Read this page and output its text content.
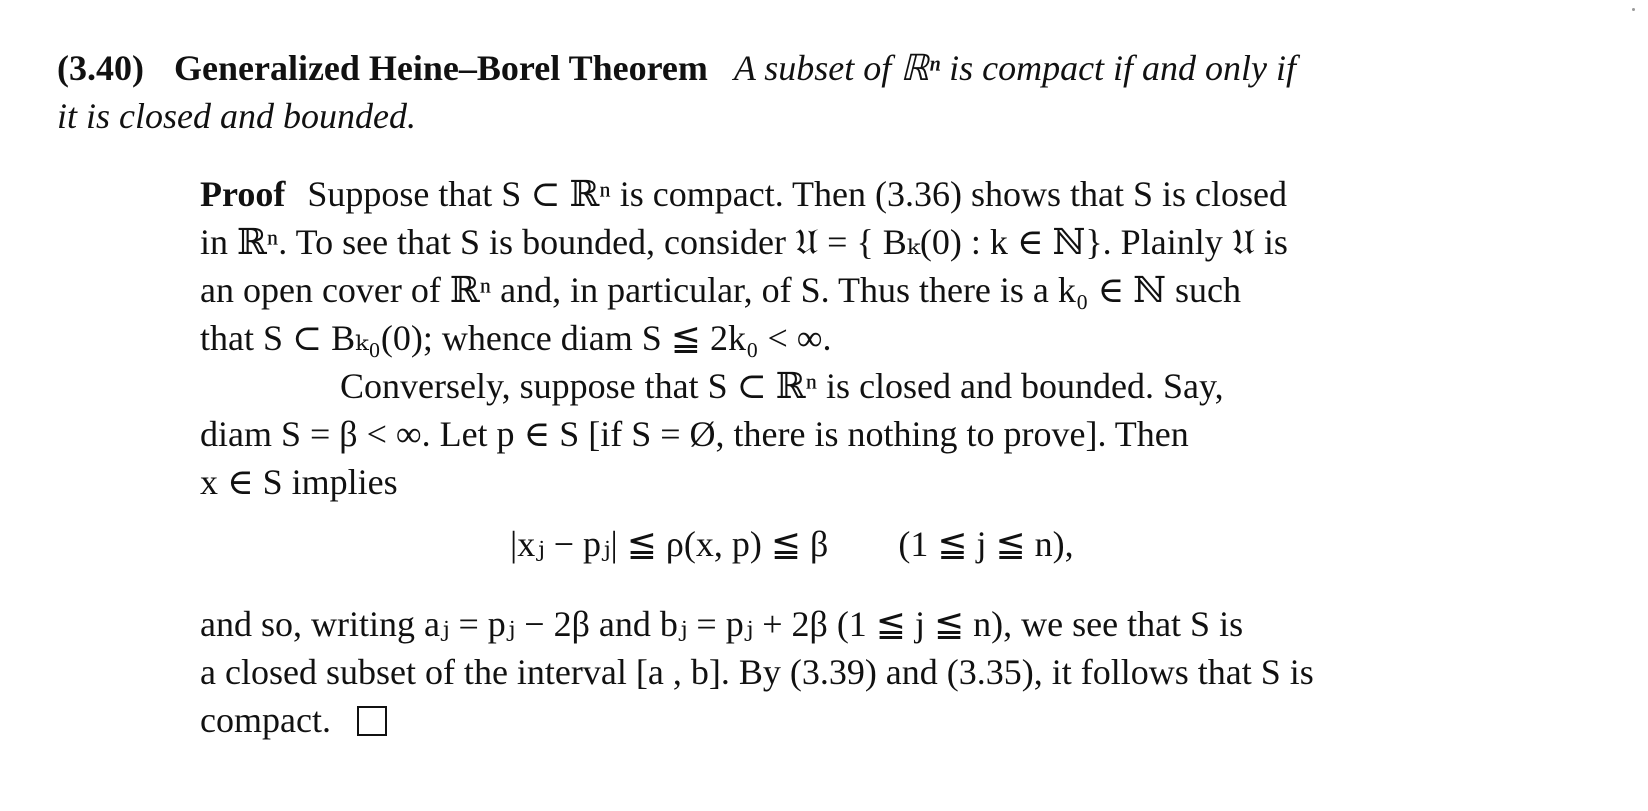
(3.40) Generalized Heine–Borel Theorem A subset of ℝⁿ is compact if and only if
it is closed and bounded.

Proof Suppose that S ⊂ ℝⁿ is compact. Then (3.36) shows that S is closed

in ℝⁿ. To see that S is bounded, consider 𝔘 = { Bₖ(0) : k ∈ ℕ}. Plainly 𝔘 is

an open cover of ℝⁿ and, in particular, of S. Thus there is a k₀ ∈ ℕ such

that S ⊂ Bₖ₀(0); whence diam S ≦ 2k₀ < ∞.

Conversely, suppose that S ⊂ ℝⁿ is closed and bounded. Say,

diam S = β < ∞. Let p ∈ S [if S = Ø, there is nothing to prove]. Then

x ∈ S implies

|xⱼ − pⱼ| ≦ ρ(x, p) ≦ β (1 ≦ j ≦ n),

and so, writing aⱼ = pⱼ − 2β and bⱼ = pⱼ + 2β (1 ≦ j ≦ n), we see that S is

a closed subset of the interval [a , b]. By (3.39) and (3.35), it follows that S is

compact.
